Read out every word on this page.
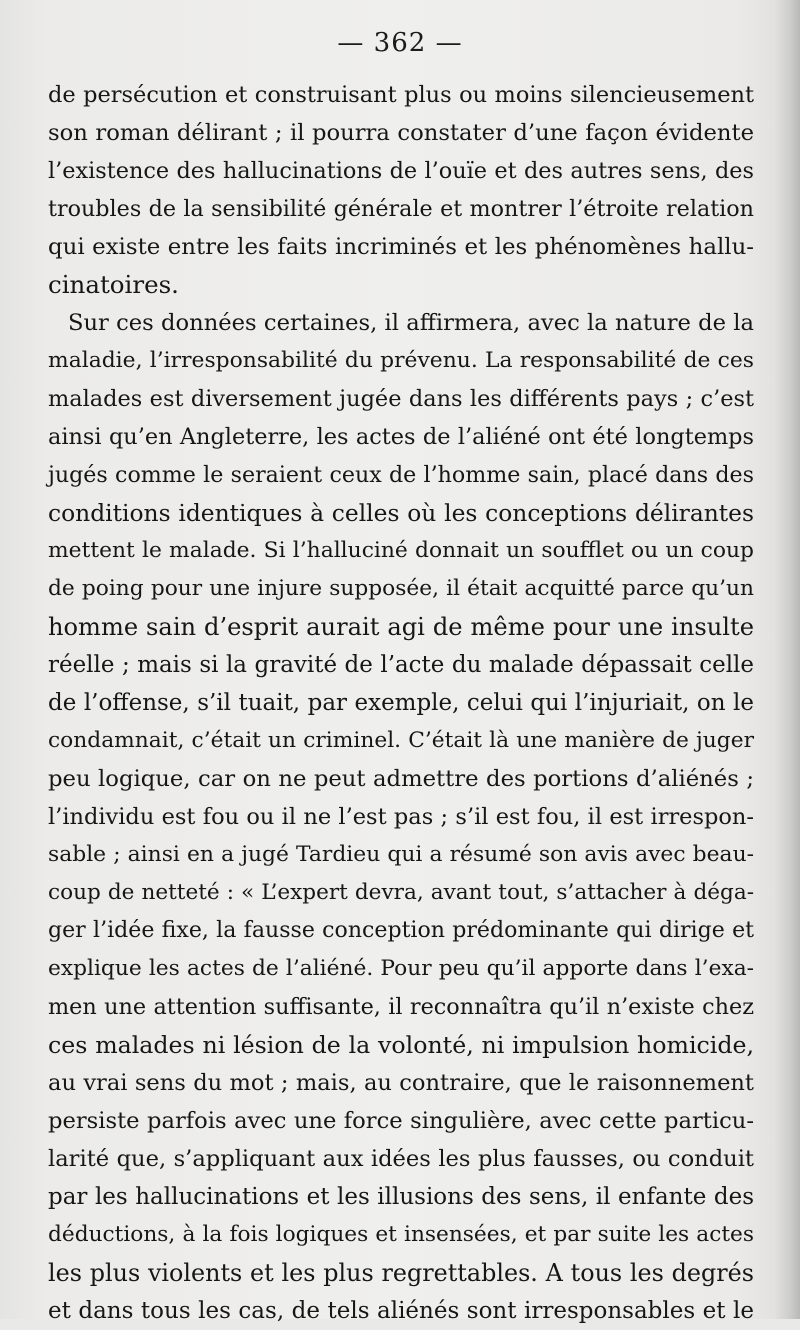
— 362 —
de persécution et construisant plus ou moins silencieusement
son roman délirant ; il pourra constater d’une façon évidente
l’existence des hallucinations de l’ouïe et des autres sens, des
troubles de la sensibilité générale et montrer l’étroite relation
qui existe entre les faits incriminés et les phénomènes hallu-
cinatoires.
Sur ces données certaines, il affirmera, avec la nature de la
maladie, l’irresponsabilité du prévenu. La responsabilité de ces
malades est diversement jugée dans les différents pays ; c’est
ainsi qu’en Angleterre, les actes de l’aliéné ont été longtemps
jugés comme le seraient ceux de l’homme sain, placé dans des
conditions identiques à celles où les conceptions délirantes
mettent le malade. Si l’halluciné donnait un soufflet ou un coup
de poing pour une injure supposée, il était acquitté parce qu’un
homme sain d’esprit aurait agi de même pour une insulte
réelle ; mais si la gravité de l’acte du malade dépassait celle
de l’offense, s’il tuait, par exemple, celui qui l’injuriait, on le
condamnait, c’était un criminel. C’était là une manière de juger
peu logique, car on ne peut admettre des portions d’aliénés ;
l’individu est fou ou il ne l’est pas ; s’il est fou, il est irrespon-
sable ; ainsi en a jugé Tardieu qui a résumé son avis avec beau-
coup de netteté : « L’expert devra, avant tout, s’attacher à déga-
ger l’idée fixe, la fausse conception prédominante qui dirige et
explique les actes de l’aliéné. Pour peu qu’il apporte dans l’exa-
men une attention suffisante, il reconnaîtra qu’il n’existe chez
ces malades ni lésion de la volonté, ni impulsion homicide,
au vrai sens du mot ; mais, au contraire, que le raisonnement
persiste parfois avec une force singulière, avec cette particu-
larité que, s’appliquant aux idées les plus fausses, ou conduit
par les hallucinations et les illusions des sens, il enfante des
déductions, à la fois logiques et insensées, et par suite les actes
les plus violents et les plus regrettables. A tous les degrés
et dans tous les cas, de tels aliénés sont irresponsables et le
